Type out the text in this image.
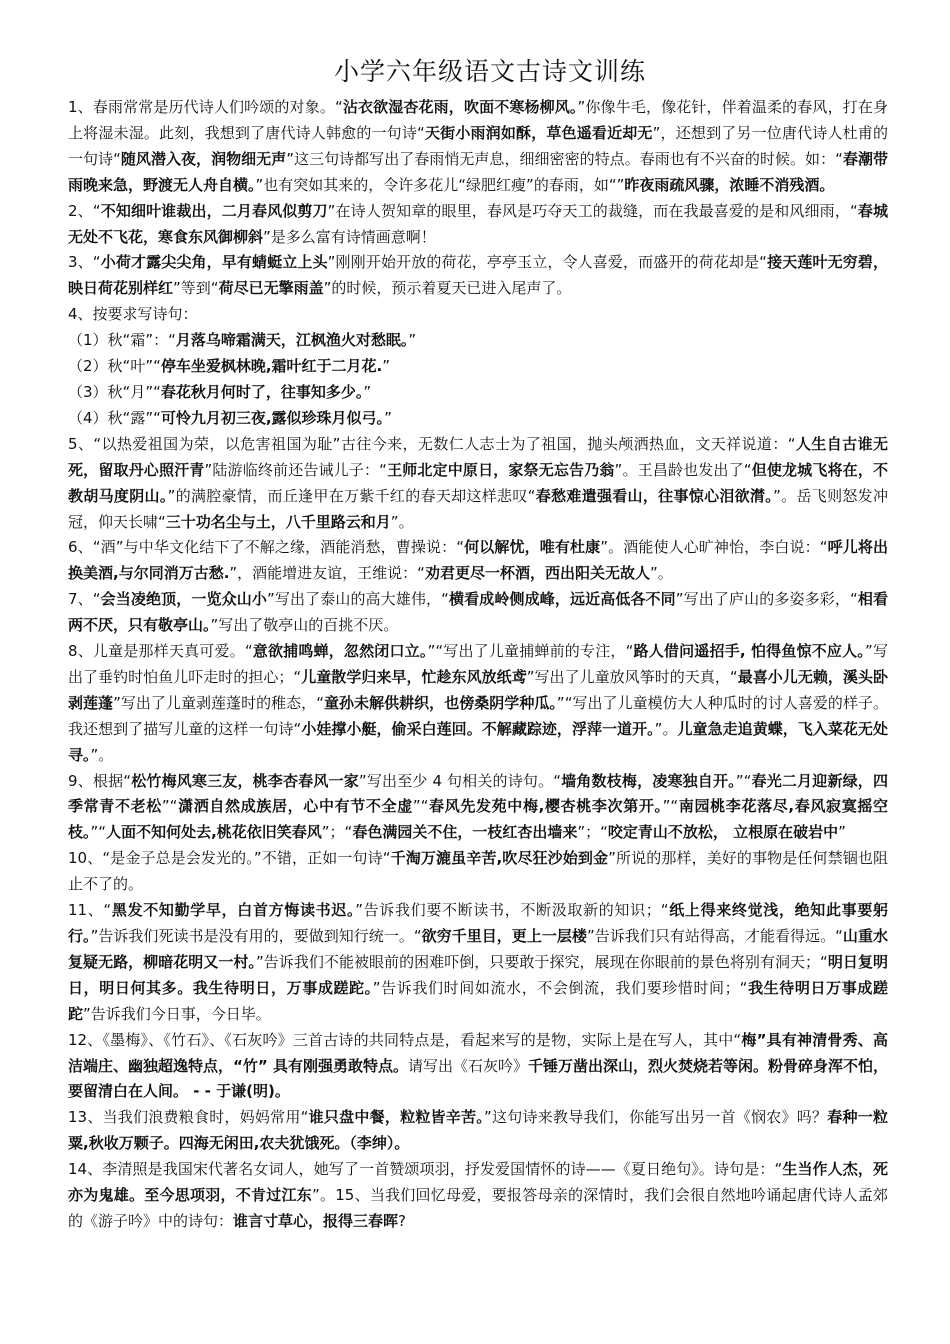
小学六年级语文古诗文训练

1、春雨常常是历代诗人们吟颂的对象。“沾衣欲湿杏花雨，吹面不寒杨柳风。”你像牛毛，像花针，伴着温柔的春风，打在身上将湿未湿。此刻，我想到了唐代诗人韩愈的一句诗“天街小雨润如酥，草色遥看近却无”，还想到了另一位唐代诗人杜甫的一句诗“随风潜入夜，润物细无声”这三句诗都写出了春雨悄无声息，细细密密的特点。春雨也有不兴奋的时候。如：“春潮带雨晚来急，野渡无人舟自横。”也有突如其来的，令许多花儿“绿肥红瘦”的春雨，如“”昨夜雨疏风骤，浓睡不消残酒。

2、“不知细叶谁裁出，二月春风似剪刀”在诗人贺知章的眼里，春风是巧夺天工的裁缝，而在我最喜爱的是和风细雨，“春城无处不飞花，寒食东风御柳斜”是多么富有诗情画意啊！

3、“小荷才露尖尖角，早有蜻蜓立上头”刚刚开始开放的荷花，亭亭玉立，令人喜爱，而盛开的荷花却是“接天莲叶无穷碧，映日荷花别样红”等到“荷尽已无擎雨盖”的时候，预示着夏天已进入尾声了。

4、按要求写诗句：

（1）秋“霜”：“月落乌啼霜满天，江枫渔火对愁眠。”

（2）秋“叶”“停车坐爱枫林晚,霜叶红于二月花.”

（3）秋“月”“春花秋月何时了，往事知多少。”

（4）秋“露”“可怜九月初三夜,露似珍珠月似弓。”

5、“以热爱祖国为荣，以危害祖国为耻”古往今来，无数仁人志士为了祖国，抛头颅洒热血，文天祥说道：“人生自古谁无死，留取丹心照汗青”陆游临终前还告诫儿子：“王师北定中原日，家祭无忘告乃翁”。王昌龄也发出了“但使龙城飞将在，不教胡马度阴山。”的满腔豪情，而丘逢甲在万紫千红的春天却这样悲叹“春愁难遣强看山，往事惊心泪欲潸。”。岳飞则怒发冲冠，仰天长啸“三十功名尘与土，八千里路云和月”。

6、“酒”与中华文化结下了不解之缘，酒能消愁，曹操说：“何以解忧，唯有杜康”。酒能使人心旷神怡，李白说：“呼儿将出换美酒,与尔同消万古愁.”，酒能增进友谊，王维说：“劝君更尽一杯酒，西出阳关无故人”。

7、“会当凌绝顶，一览众山小”写出了泰山的高大雄伟，“横看成岭侧成峰，远近高低各不同”写出了庐山的多姿多彩，“相看两不厌，只有敬亭山。”写出了敬亭山的百挑不厌。

8、儿童是那样天真可爱。“意欲捕鸣蝉，忽然闭口立。”“写出了儿童捕蝉前的专注，“路人借问遥招手, 怕得鱼惊不应人。”写出了垂钓时怕鱼儿吓走时的担心；“儿童散学归来早，忙趁东风放纸鸢”写出了儿童放风筝时的天真，“最喜小儿无赖，溪头卧剥莲蓬”写出了儿童剥莲蓬时的稚态，“童孙未解供耕织，也傍桑阴学种瓜。”“写出了儿童模仿大人种瓜时的讨人喜爱的样子。我还想到了描写儿童的这样一句诗“小娃撑小艇，偷采白莲回。不解藏踪迹，浮萍一道开。”。儿童急走追黄蝶，飞入菜花无处寻。”。

9、根据“松竹梅风寒三友，桃李杏春风一家”写出至少 4 句相关的诗句。“墙角数枝梅，凌寒独自开。”“春光二月迎新绿，四季常青不老松”“潇洒自然成族居，心中有节不全虚”“春风先发苑中梅,樱杏桃李次第开。”“南园桃李花落尽,春风寂寞摇空枝。”“人面不知何处去,桃花依旧笑春风”；“春色满园关不住，一枝红杏出墙来”；“咬定青山不放松， 立根原在破岩中”

10、“是金子总是会发光的。”不错，正如一句诗“千淘万漉虽辛苦,吹尽狂沙始到金”所说的那样，美好的事物是任何禁锢也阻止不了的。

11、“黑发不知勤学早，白首方悔读书迟。”告诉我们要不断读书，不断汲取新的知识；“纸上得来终觉浅，绝知此事要躬行。”告诉我们死读书是没有用的，要做到知行统一。“欲穷千里目，更上一层楼”告诉我们只有站得高，才能看得远。“山重水复疑无路，柳暗花明又一村。”告诉我们不能被眼前的困难吓倒，只要敢于探究，展现在你眼前的景色将别有洞天；“明日复明日，明日何其多。我生待明日，万事成蹉跎。”告诉我们时间如流水，不会倒流，我们要珍惜时间；“我生待明日万事成蹉跎”告诉我们今日事，今日毕。

12、《墨梅》、《竹石》、《石灰吟》三首古诗的共同特点是，看起来写的是物，实际上是在写人，其中“梅”具有神清骨秀、高洁端庄、幽独超逸特点，“竹” 具有刚强勇敢特点。请写出《石灰吟》千锤万凿出深山，烈火焚烧若等闲。粉骨碎身浑不怕，要留清白在人间。 - - 于谦(明)。

13、当我们浪费粮食时，妈妈常用“谁只盘中餐，粒粒皆辛苦。”这句诗来教导我们，你能写出另一首《悯农》吗？春种一粒粟,秋收万颗子。四海无闲田,农夫犹饿死。（李绅）。

14、李清照是我国宋代著名女词人，她写了一首赞颂项羽，抒发爱国情怀的诗——《夏日绝句》。诗句是：“生当作人杰，死亦为鬼雄。至今思项羽，不肯过江东”。15、当我们回忆母爱，要报答母亲的深情时，我们会很自然地吟诵起唐代诗人孟郊的《游子吟》中的诗句：谁言寸草心，报得三春晖?
